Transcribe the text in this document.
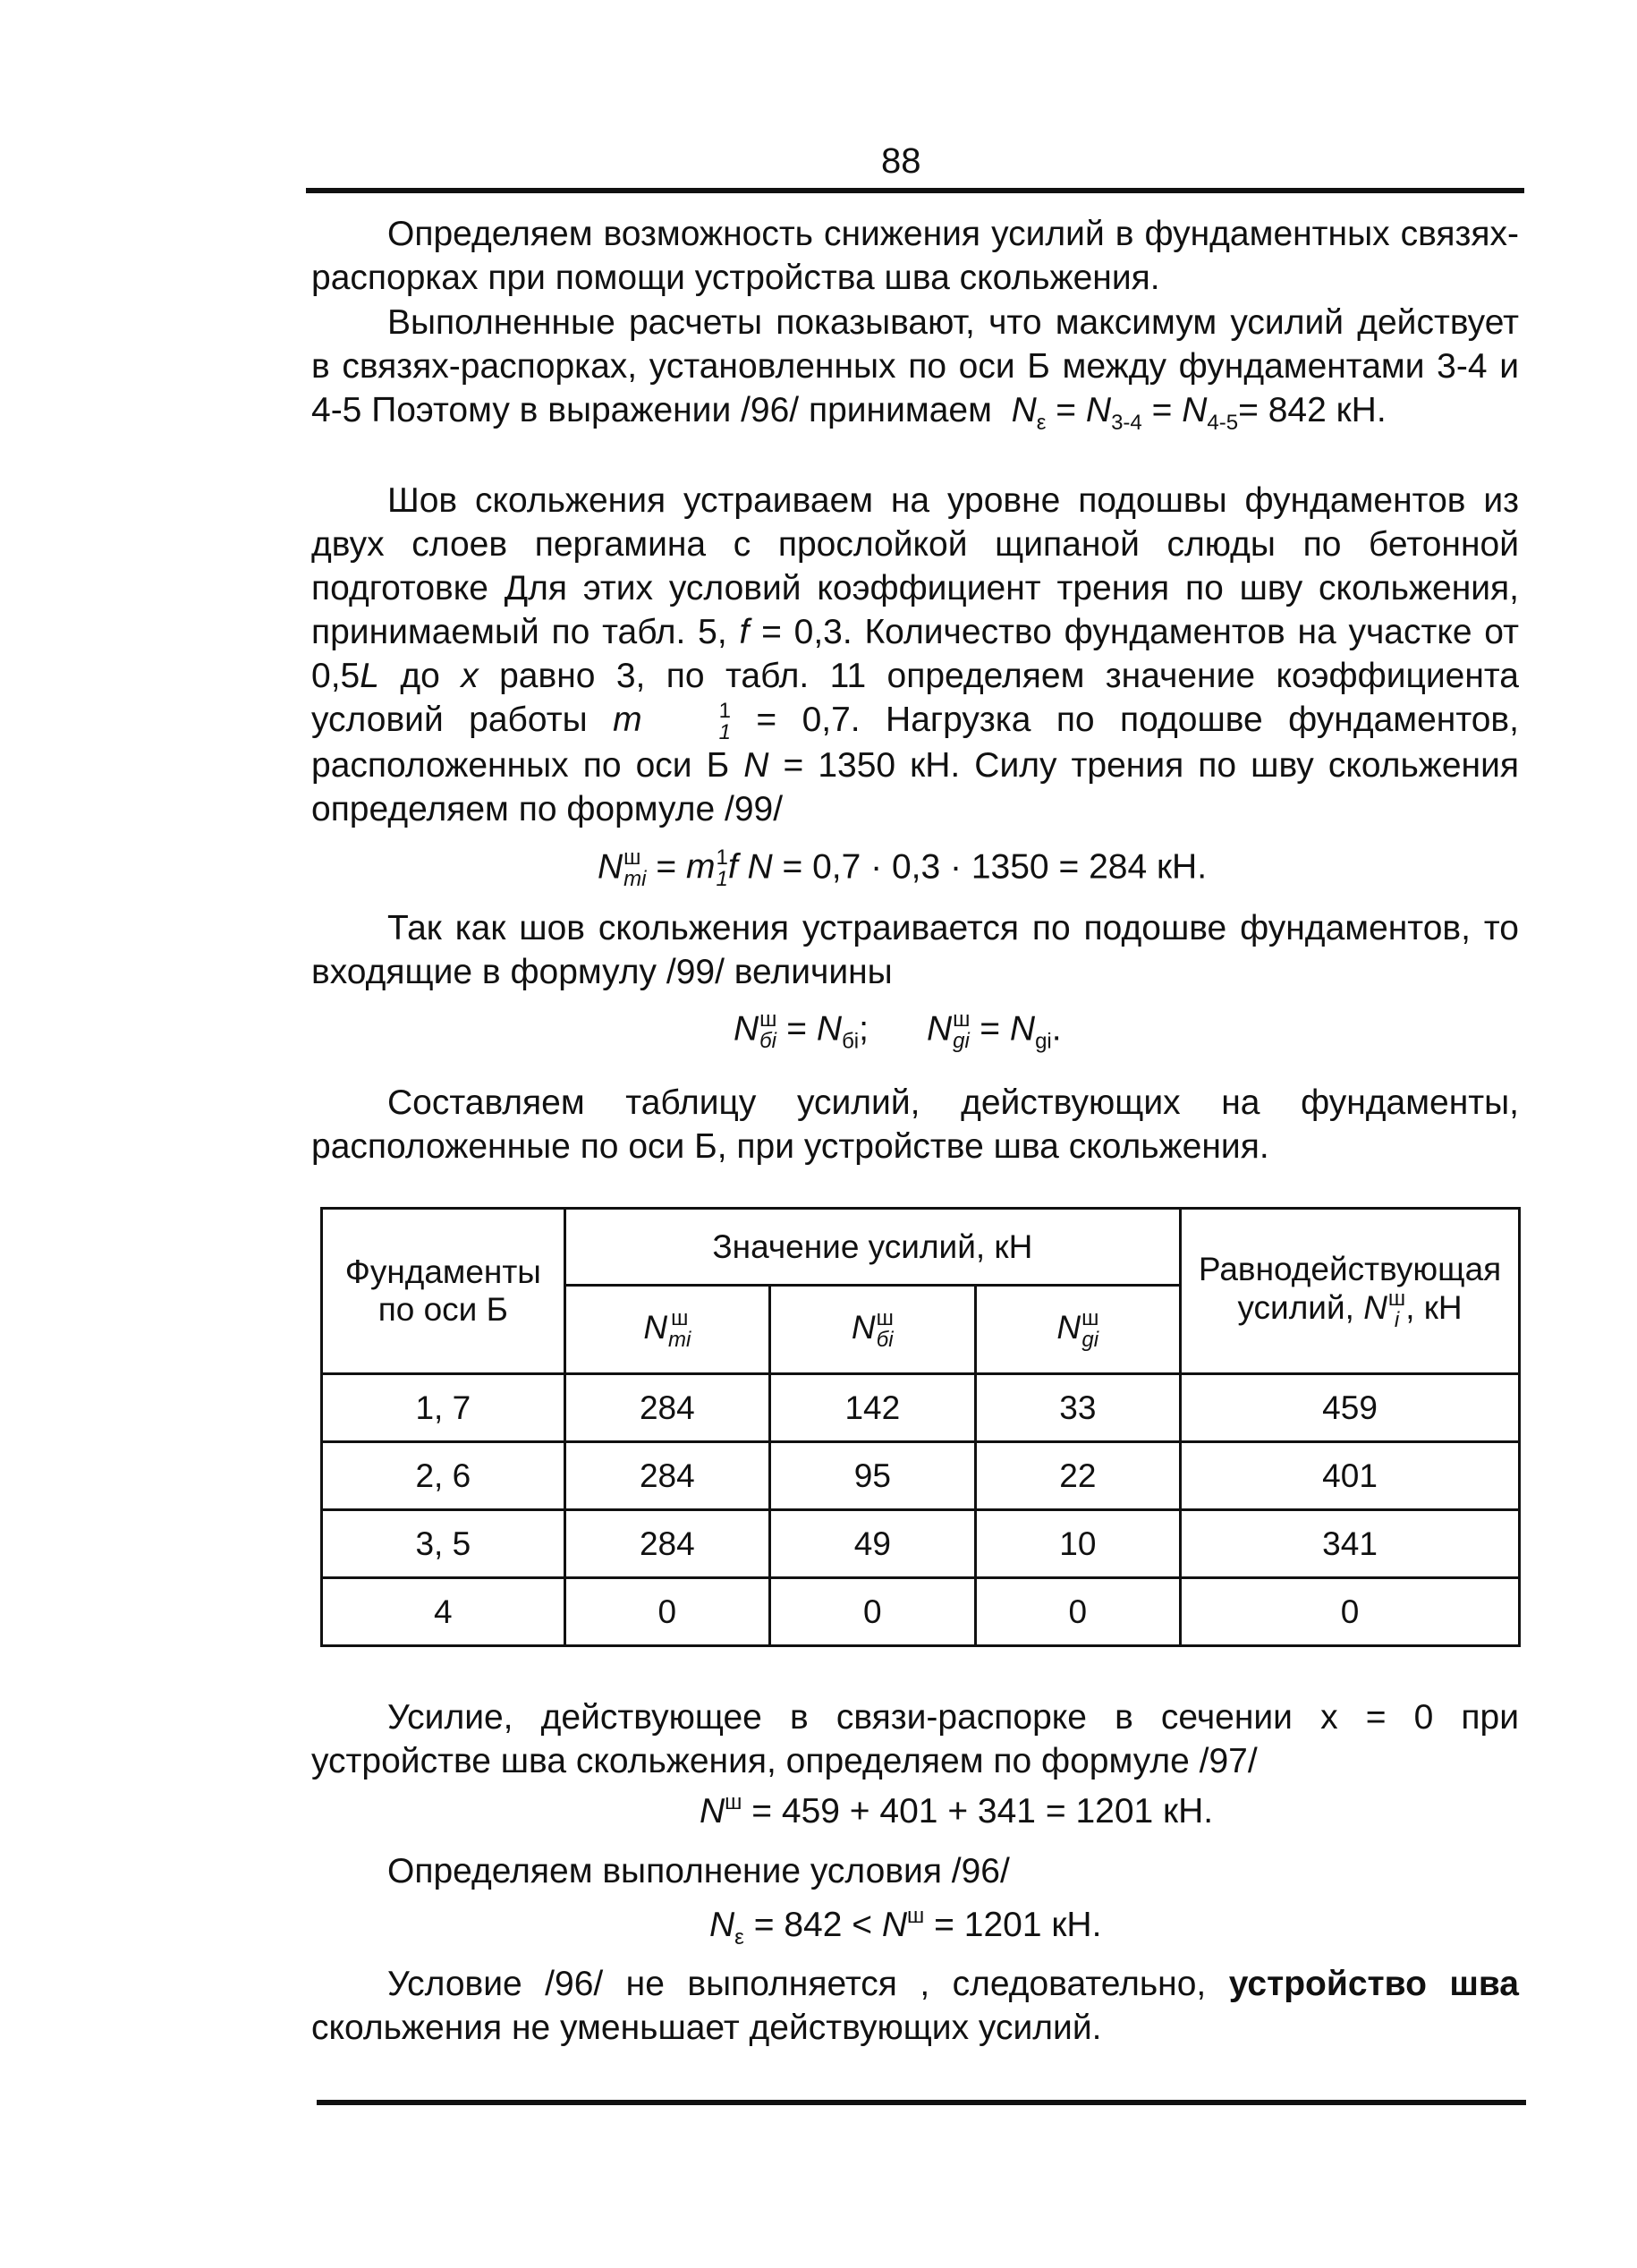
88

Определяем возможность снижения усилий в фундаментных связях-распорках при помощи устройства шва скольжения.

Выполненные расчеты показывают, что максимум усилий действует в связях-распорках, установленных по оси Б между фундаментами 3-4 и 4-5 Поэтому в выражении /96/ принимаем $N_\varepsilon = N_{3-4} = N_{4-5}= 842$ кН.

Шов скольжения устраиваем на уровне подошвы фундаментов из двух слоев пергамина с прослойкой щипаной слюды по бетонной подготовке Для этих условий коэффициент трения по шву скольжения, принимаемый по табл. 5, f = 0,3. Количество фундаментов на участке от 0,5L до x равно 3, по табл. 11 определяем значение коэффициента условий работы m	1
1 = 0,7. Нагрузка по подошве фундаментов, расположенных по оси Б N = 1350 кН. Силу трения по шву скольжения определяем по формуле /99/

N ш
тi = m 1
1 f N = 0,7 · 0,3 · 1350 = 284 кН.

Так как шов скольжения устраивается по подошве фундаментов, то входящие в формулу /99/ величины

N ш
бi = $N_{бi}$;      N ш
gi = $N_{gi}$.

Составляем таблицу усилий, действующих на фундаменты, расположенные по оси Б, при устройстве шва скольжения.

Фундаменты по оси Б	Значение усилий, кН			Равнодействующая усилий, N ш
i , кН
	N ш
тi	N ш
бi	N ш
gi	

1, 7	284	142	33	459
2, 6	284	95	22	401
3, 5	284	49	10	341
4	0	0	0	0

Усилие, действующее в связи-распорке в сечении x = 0 при устройстве шва скольжения, определяем по формуле /97/

$N^ш = 459 + 401 + 341 = 1201$ кН.

Определяем выполнение условия /96/

$N_\varepsilon = 842 < N^ш = 1201$ кН.

Условие /96/ не выполняется , следовательно, устройство шва скольжения не уменьшает действующих усилий.
